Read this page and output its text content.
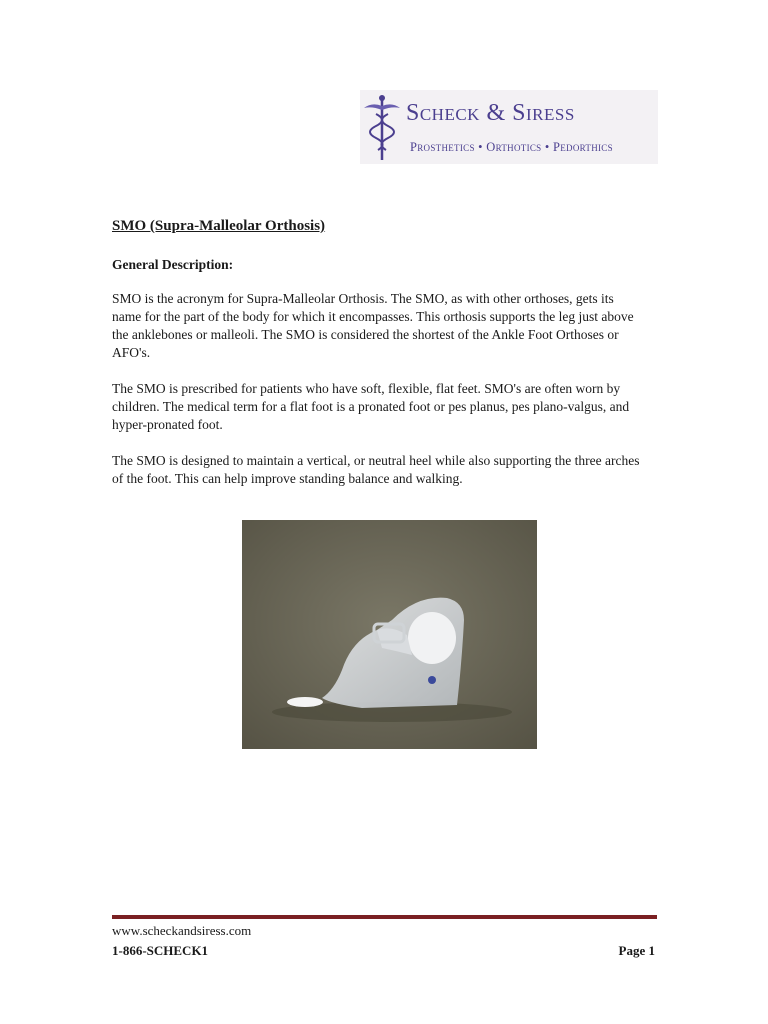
Scheck & Siress
Prosthetics • Orthotics • Pedorthics
SMO (Supra-Malleolar Orthosis)
General Description:

SMO is the acronym for Supra-Malleolar Orthosis. The SMO, as with other orthoses, gets its name for the part of the body for which it encompasses. This orthosis supports the leg just above the anklebones or malleoli. The SMO is considered the shortest of the Ankle Foot Orthoses or AFO's.

The SMO is prescribed for patients who have soft, flexible, flat feet. SMO's are often worn by children. The medical term for a flat foot is a pronated foot or pes planus, pes plano-valgus, and hyper-pronated foot.

The SMO is designed to maintain a vertical, or neutral heel while also supporting the three arches of the foot. This can help improve standing balance and walking.

www.scheckandsiress.com
1-866-SCHECK1	Page 1
